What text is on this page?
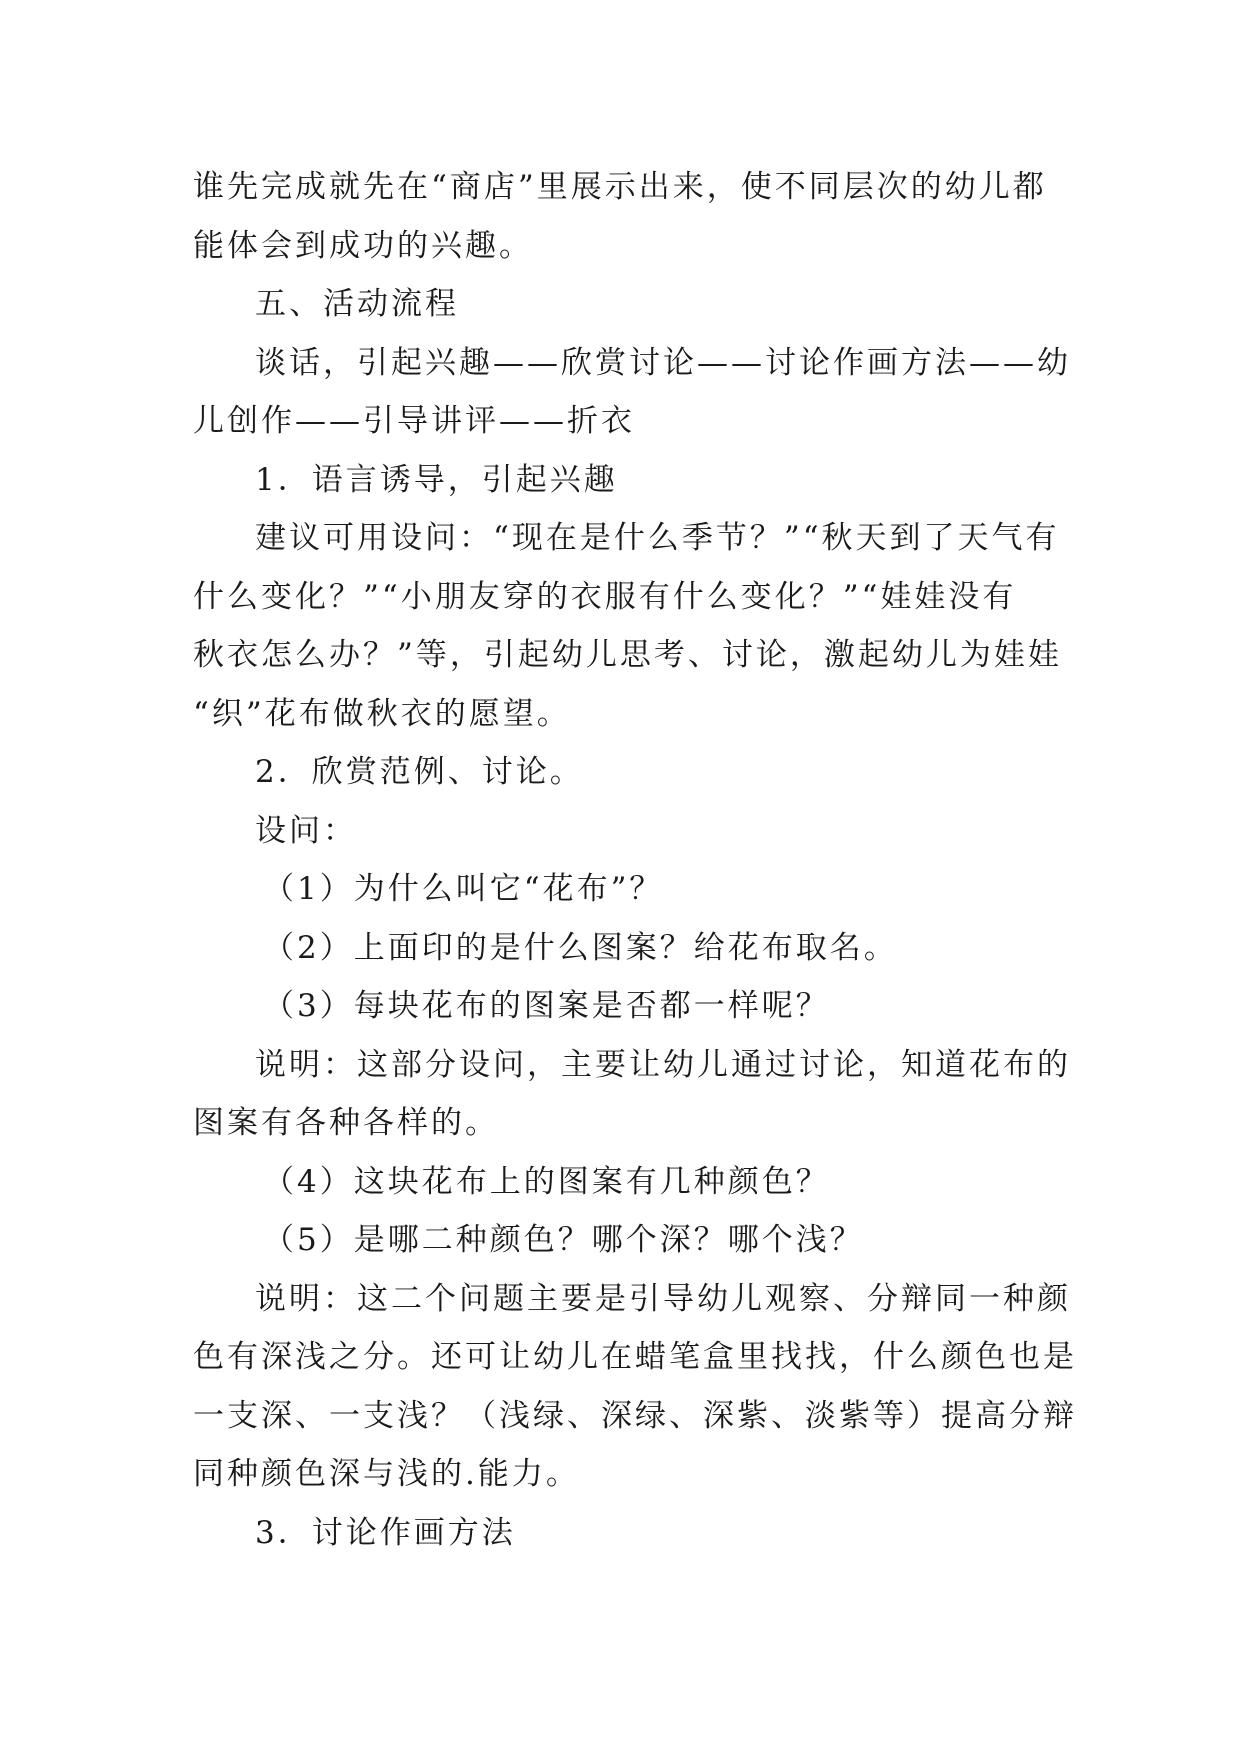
谁先完成就先在“商店”里展示出来，使不同层次的幼儿都
能体会到成功的兴趣。
五、活动流程
谈话，引起兴趣——欣赏讨论——讨论作画方法——幼
儿创作——引导讲评——折衣
1．语言诱导，引起兴趣
建议可用设问：“现在是什么季节？”“秋天到了天气有
什么变化？”“小朋友穿的衣服有什么变化？”“娃娃没有
秋衣怎么办？”等，引起幼儿思考、讨论，激起幼儿为娃娃
“织”花布做秋衣的愿望。
2．欣赏范例、讨论。
设问：
（1）为什么叫它“花布”？
（2）上面印的是什么图案？给花布取名。
（3）每块花布的图案是否都一样呢？
说明：这部分设问，主要让幼儿通过讨论，知道花布的
图案有各种各样的。
（4）这块花布上的图案有几种颜色？
（5）是哪二种颜色？哪个深？哪个浅？
说明：这二个问题主要是引导幼儿观察、分辩同一种颜
色有深浅之分。还可让幼儿在蜡笔盒里找找，什么颜色也是
一支深、一支浅？（浅绿、深绿、深紫、淡紫等）提高分辩
同种颜色深与浅的.能力。
3．讨论作画方法
